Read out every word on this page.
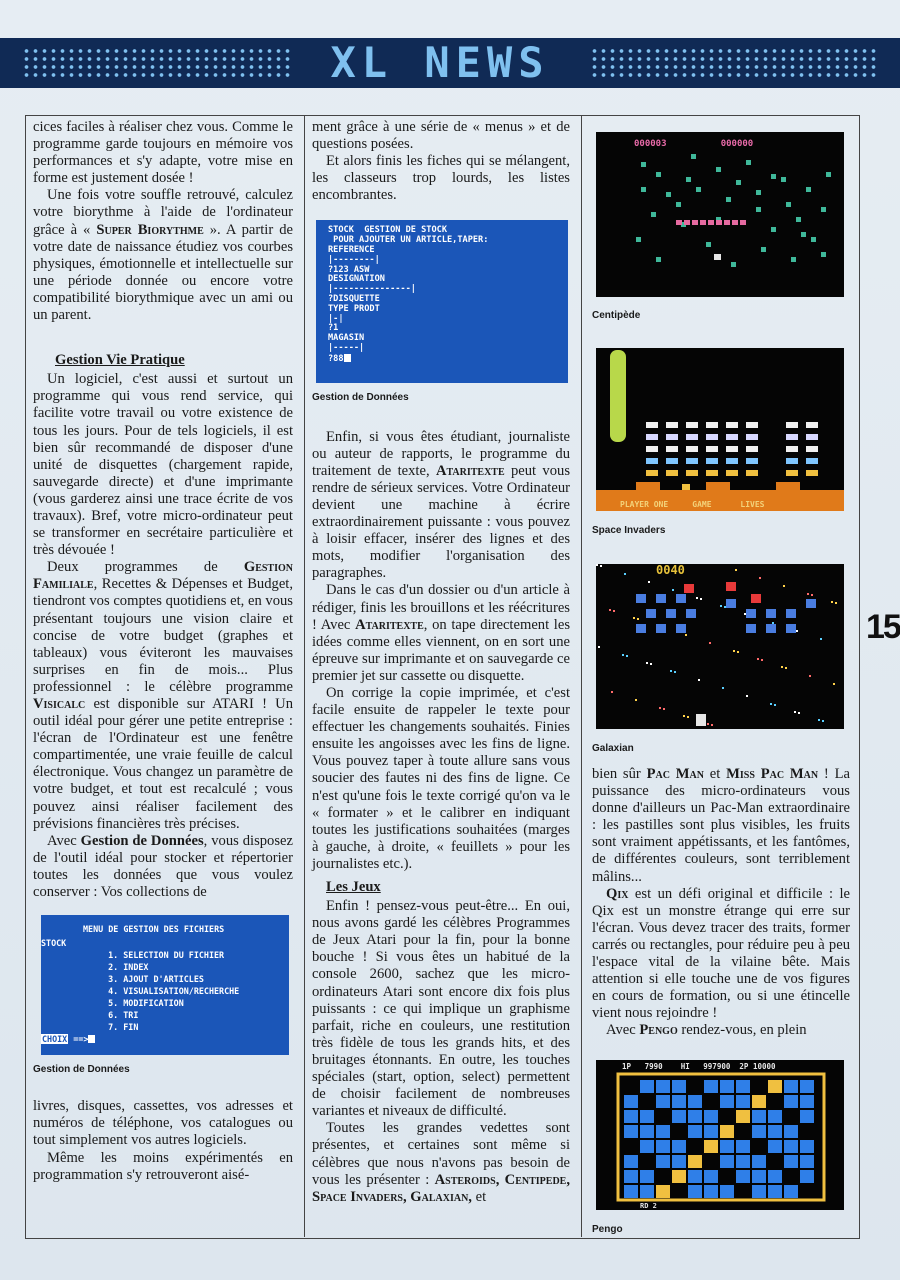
XL NEWS
15

cices faciles à réaliser chez vous. Comme le programme garde toujours en mémoire vos performances et s'y adapte, votre mise en forme est justement dosée !

Une fois votre souffle retrouvé, calculez votre biorythme à l'aide de l'ordinateur grâce à « Super Biorythme ». A partir de votre date de naissance étudiez vos courbes physiques, émotionnelle et intellectuelle sur une période donnée ou encore votre compatibilité biorythmique avec un ami ou un parent.

Gestion Vie Pratique

Un logiciel, c'est aussi et surtout un programme qui vous rend service, qui facilite votre travail ou votre existence de tous les jours. Pour de tels logiciels, il est bien sûr recommandé de disposer d'une unité de disquettes (chargement rapide, sauvegarde directe) et d'une imprimante (vous garderez ainsi une trace écrite de vos travaux). Bref, votre micro-ordinateur peut se transformer en secrétaire particulière et très dévouée !

Deux programmes de Gestion Familiale, Recettes & Dépenses et Budget, tiendront vos comptes quotidiens et, en vous présentant toujours une vision claire et concise de votre budget (graphes et tableaux) vous éviteront les mauvaises surprises en fin de mois... Plus professionnel : le célèbre programme Visicalc est disponible sur ATARI ! Un outil idéal pour gérer une petite entreprise : l'écran de l'Ordinateur est une fenêtre compartimentée, une vraie feuille de calcul électronique. Vous changez un paramètre de votre budget, et tout est recalculé ; vous pouvez ainsi réaliser facilement des prévisions financières très précises.

Avec Gestion de Données, vous disposez de l'outil idéal pour stocker et répertorier toutes les données que vous voulez conserver : Vos collections de

MENU DE GESTION DES FICHIERS
STOCK
1. SELECTION DU FICHIER
2. INDEX
3. AJOUT D'ARTICLES
4. VISUALISATION/RECHERCHE
5. MODIFICATION
6. TRI
7. FIN
CHOIX ==>
Gestion de Données

livres, disques, cassettes, vos adresses et numéros de téléphone, vos catalogues ou tout simplement vos autres logiciels.

Même les moins expérimentés en programmation s'y retrouveront aisé-

ment grâce à une série de « menus » et de questions posées.

Et alors finis les fiches qui se mélangent, les classeurs trop lourds, les listes encombrantes.

STOCK  GESTION DE STOCK
POUR AJOUTER UN ARTICLE,TAPER:
REFERENCE
|--------|
?123 ASW
DESIGNATION
|---------------|
?DISQUETTE
TYPE PRODT
|-|
?1
MAGASIN
|-----|
?88
Gestion de Données

Enfin, si vous êtes étudiant, journaliste ou auteur de rapports, le programme du traitement de texte, Ataritexte peut vous rendre de sérieux services. Votre Ordinateur devient une machine à écrire extraordinairement puissante : vous pouvez à loisir effacer, insérer des lignes et des mots, modifier l'organisation des paragraphes.

Dans le cas d'un dossier ou d'un article à rédiger, finis les brouillons et les réécritures ! Avec Ataritexte, on tape directement les idées comme elles viennent, on en sort une épreuve sur imprimante et on sauvegarde ce premier jet sur cassette ou disquette.

On corrige la copie imprimée, et c'est facile ensuite de rappeler le texte pour effectuer les changements souhaités. Finies ensuite les angoisses avec les fins de ligne. Vous pouvez taper à toute allure sans vous soucier des fautes ni des fins de ligne. Ce n'est qu'une fois le texte corrigé qu'on va le « formater » et le calibrer en indiquant toutes les justifications souhaitées (marges à gauche, à droite, « feuillets » pour les journalistes etc.).

Les Jeux

Enfin ! pensez-vous peut-être... En oui, nous avons gardé les célèbres Programmes de Jeux Atari pour la fin, pour la bonne bouche ! Si vous êtes un habitué de la console 2600, sachez que les micro-ordinateurs Atari sont encore dix fois plus puissants : ce qui implique un graphisme parfait, riche en couleurs, une restitution très fidèle de tous les grands hits, et des bruitages étonnants. En outre, les touches spéciales (start, option, select) permettent de choisir facilement de nombreuses variantes et niveaux de difficulté.

Toutes les grandes vedettes sont présentes, et certaines sont même si célèbres que nous n'avons pas besoin de vous les présenter : Asteroids, Centipede, Space Invaders, Galaxian, et

000003          000000
Centipède
PLAYER ONE     GAME      LIVES
Space Invaders
0040
Galaxian

bien sûr Pac Man et Miss Pac Man ! La puissance des micro-ordinateurs vous donne d'ailleurs un Pac-Man extraordinaire : les pastilles sont plus visibles, les fruits sont vraiment appétissants, et les fantômes, de différentes couleurs, sont terriblement mâlins...

Qix est un défi original et difficile : le Qix est un monstre étrange qui erre sur l'écran. Vous devez tracer des traits, former carrés ou rectangles, pour réduire peu à peu l'espace vital de la vilaine bête. Mais attention si elle touche une de vos figures en cours de formation, ou si une étincelle vient nous rejoindre !

Avec Pengo rendez-vous, en plein

1P   7990    HI   997900  2P 10000
RD 2
Pengo
